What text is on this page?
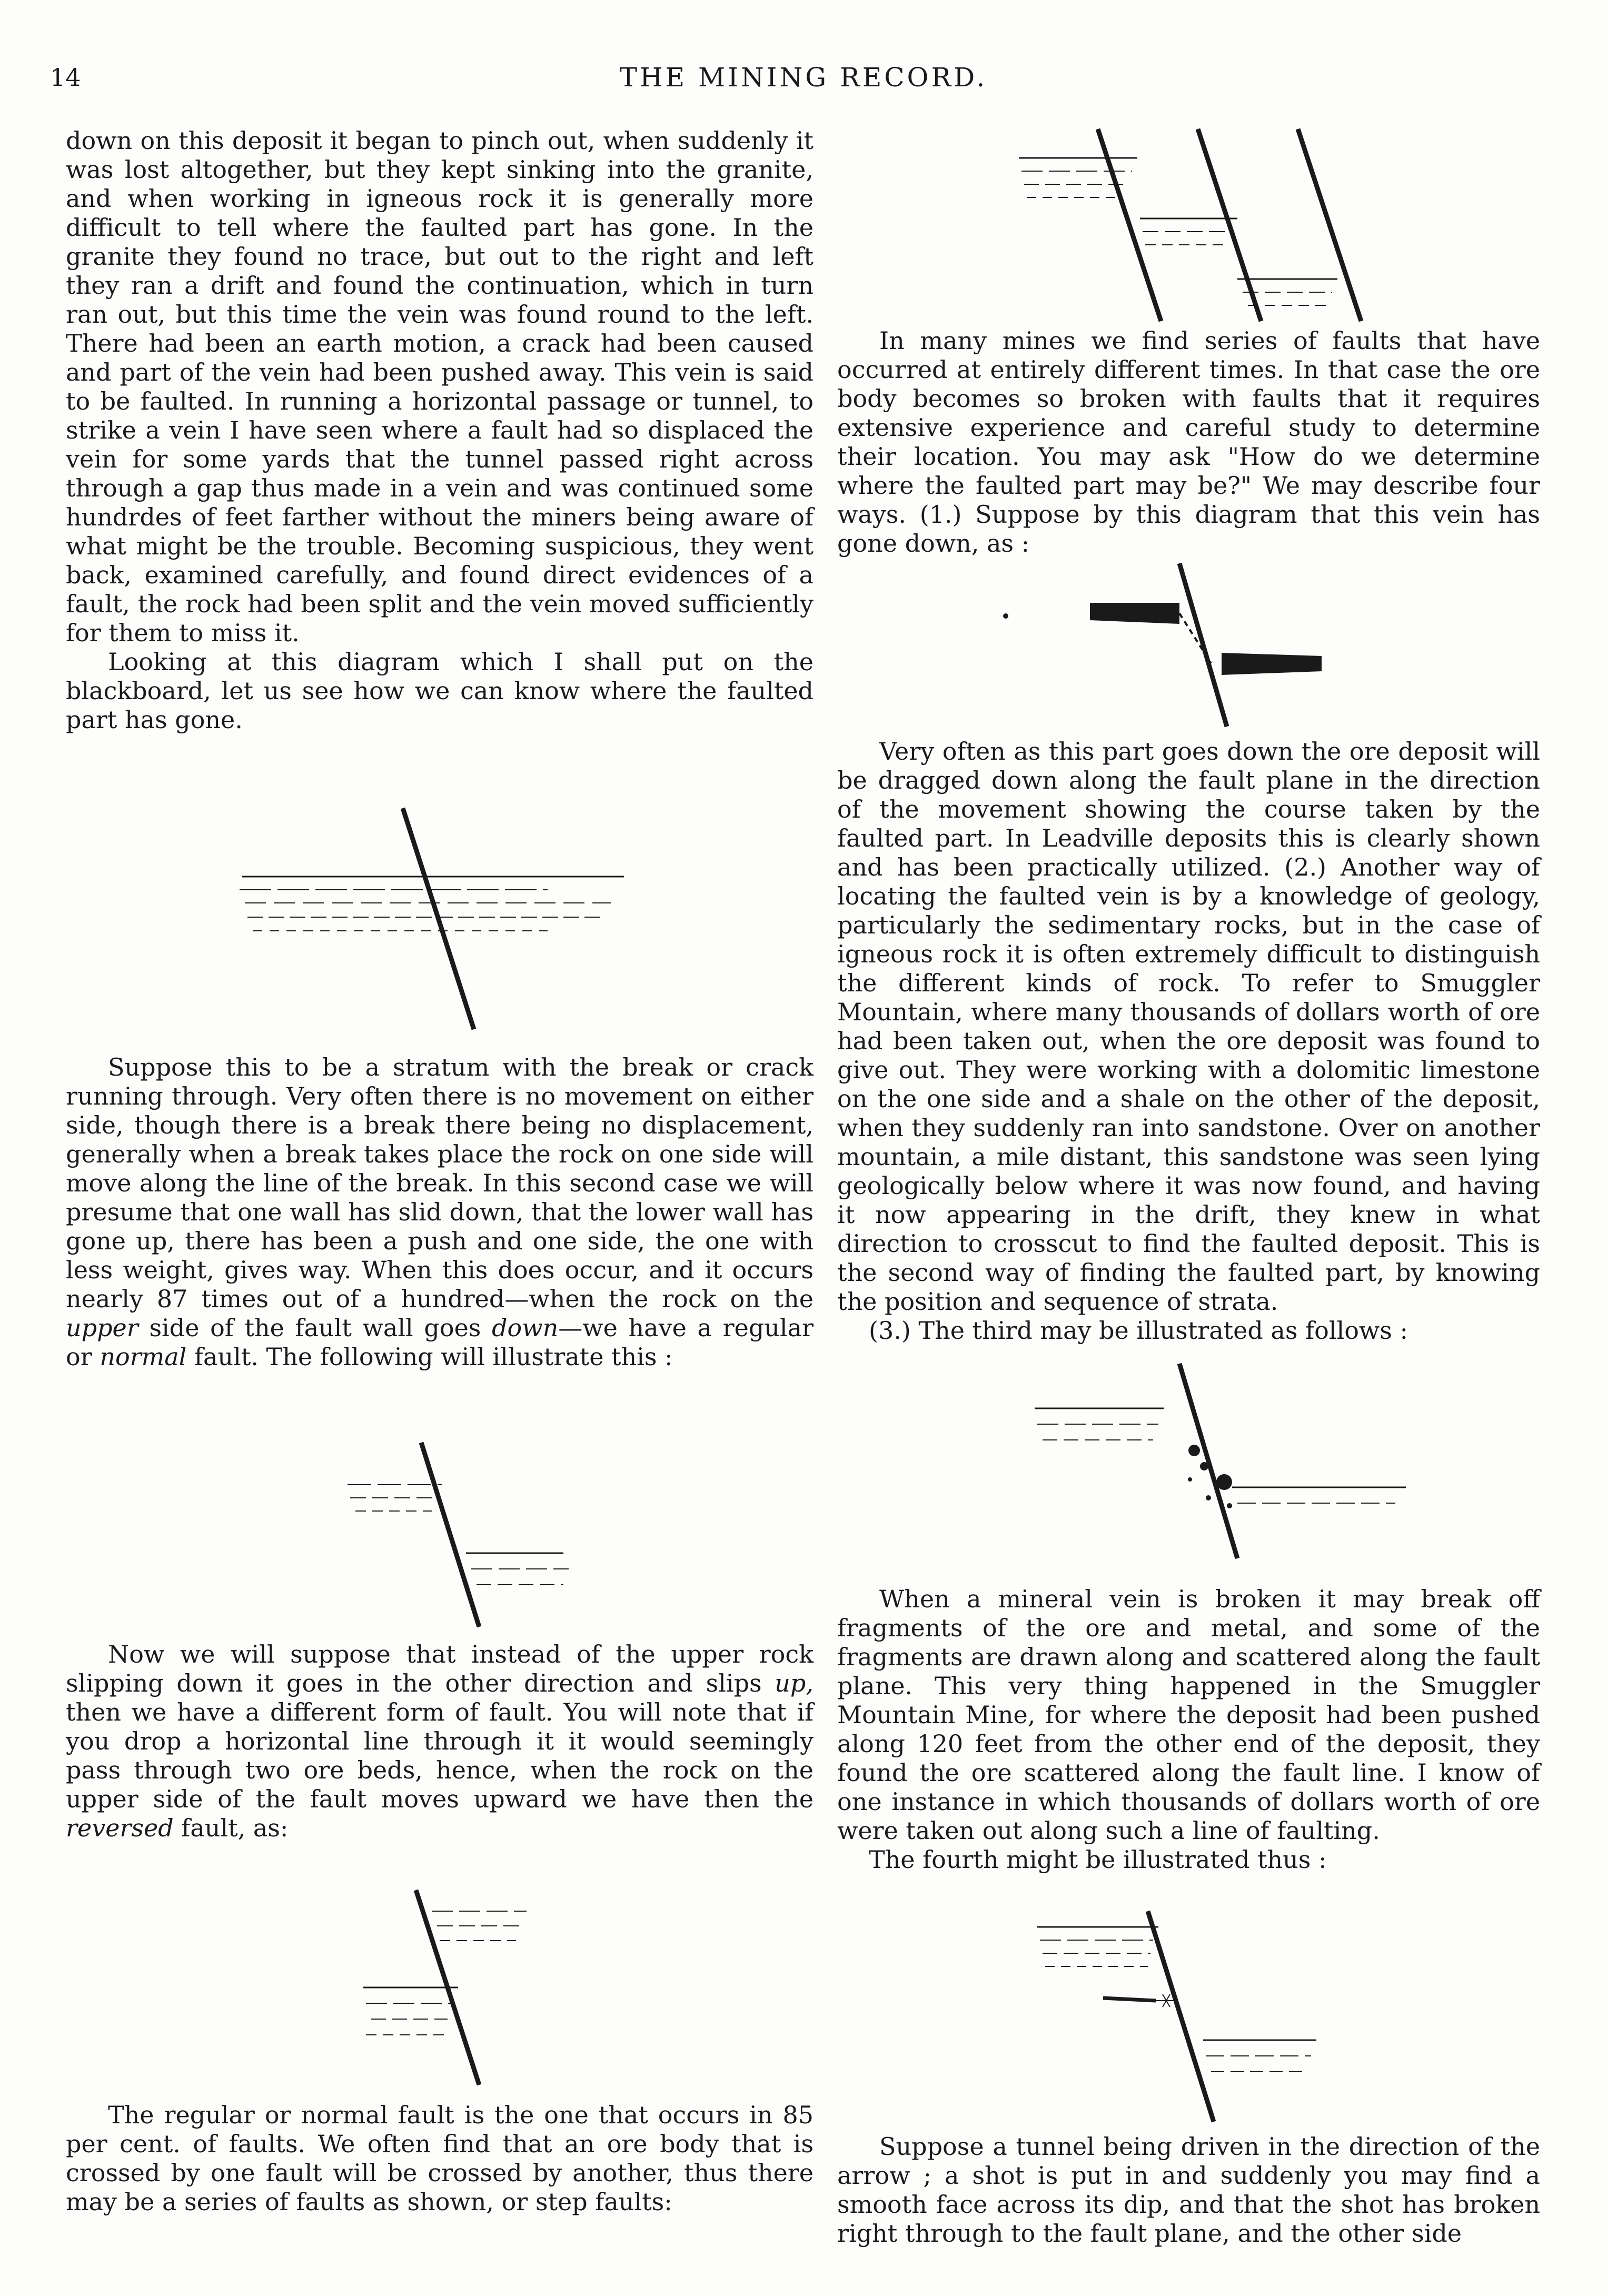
14	THE MINING RECORD.

down on this deposit it began to pinch out, when suddenly it was lost altogether, but they kept sinking into the granite, and when working in igneous rock it is generally more difficult to tell where the faulted part has gone. In the granite they found no trace, but out to the right and left they ran a drift and found the continuation, which in turn ran out, but this time the vein was found round to the left. There had been an earth motion, a crack had been caused and part of the vein had been pushed away. This vein is said to be faulted. In running a horizontal passage or tunnel, to strike a vein I have seen where a fault had so displaced the vein for some yards that the tunnel passed right across through a gap thus made in a vein and was continued some hundrdes of feet farther without the miners being aware of what might be the trouble. Becoming suspicious, they went back, examined carefully, and found direct evidences of a fault, the rock had been split and the vein moved sufficiently for them to miss it.

Looking at this diagram which I shall put on the blackboard, let us see how we can know where the faulted part has gone.

Suppose this to be a stratum with the break or crack running through. Very often there is no movement on either side, though there is a break there being no displacement, generally when a break takes place the rock on one side will move along the line of the break. In this second case we will presume that one wall has slid down, that the lower wall has gone up, there has been a push and one side, the one with less weight, gives way. When this does occur, and it occurs nearly 87 times out of a hundred—when the rock on the upper side of the fault wall goes down—we have a regular or normal fault. The following will illustrate this :

Now we will suppose that instead of the upper rock slipping down it goes in the other direction and slips up, then we have a different form of fault. You will note that if you drop a horizontal line through it it would seemingly pass through two ore beds, hence, when the rock on the upper side of the fault moves upward we have then the reversed fault, as:

The regular or normal fault is the one that occurs in 85 per cent. of faults. We often find that an ore body that is crossed by one fault will be crossed by another, thus there may be a series of faults as shown, or step faults:

In many mines we find series of faults that have occurred at entirely different times. In that case the ore body becomes so broken with faults that it requires extensive experience and careful study to determine their location. You may ask "How do we determine where the faulted part may be?" We may describe four ways. (1.) Suppose by this diagram that this vein has gone down, as :

Very often as this part goes down the ore deposit will be dragged down along the fault plane in the direction of the movement showing the course taken by the faulted part. In Leadville deposits this is clearly shown and has been practically utilized. (2.) Another way of locating the faulted vein is by a knowledge of geology, particularly the sedimentary rocks, but in the case of igneous rock it is often extremely difficult to distinguish the different kinds of rock. To refer to Smuggler Mountain, where many thousands of dollars worth of ore had been taken out, when the ore deposit was found to give out. They were working with a dolomitic limestone on the one side and a shale on the other of the deposit, when they suddenly ran into sandstone. Over on another mountain, a mile distant, this sandstone was seen lying geologically below where it was now found, and having it now appearing in the drift, they knew in what direction to crosscut to find the faulted deposit. This is the second way of finding the faulted part, by knowing the position and sequence of strata.

(3.) The third may be illustrated as follows :

When a mineral vein is broken it may break off fragments of the ore and metal, and some of the fragments are drawn along and scattered along the fault plane. This very thing happened in the Smuggler Mountain Mine, for where the deposit had been pushed along 120 feet from the other end of the deposit, they found the ore scattered along the fault line. I know of one instance in which thousands of dollars worth of ore were taken out along such a line of faulting.

The fourth might be illustrated thus :

Suppose a tunnel being driven in the direction of the arrow ; a shot is put in and suddenly you may find a smooth face across its dip, and that the shot has broken right through to the fault plane, and the other side
